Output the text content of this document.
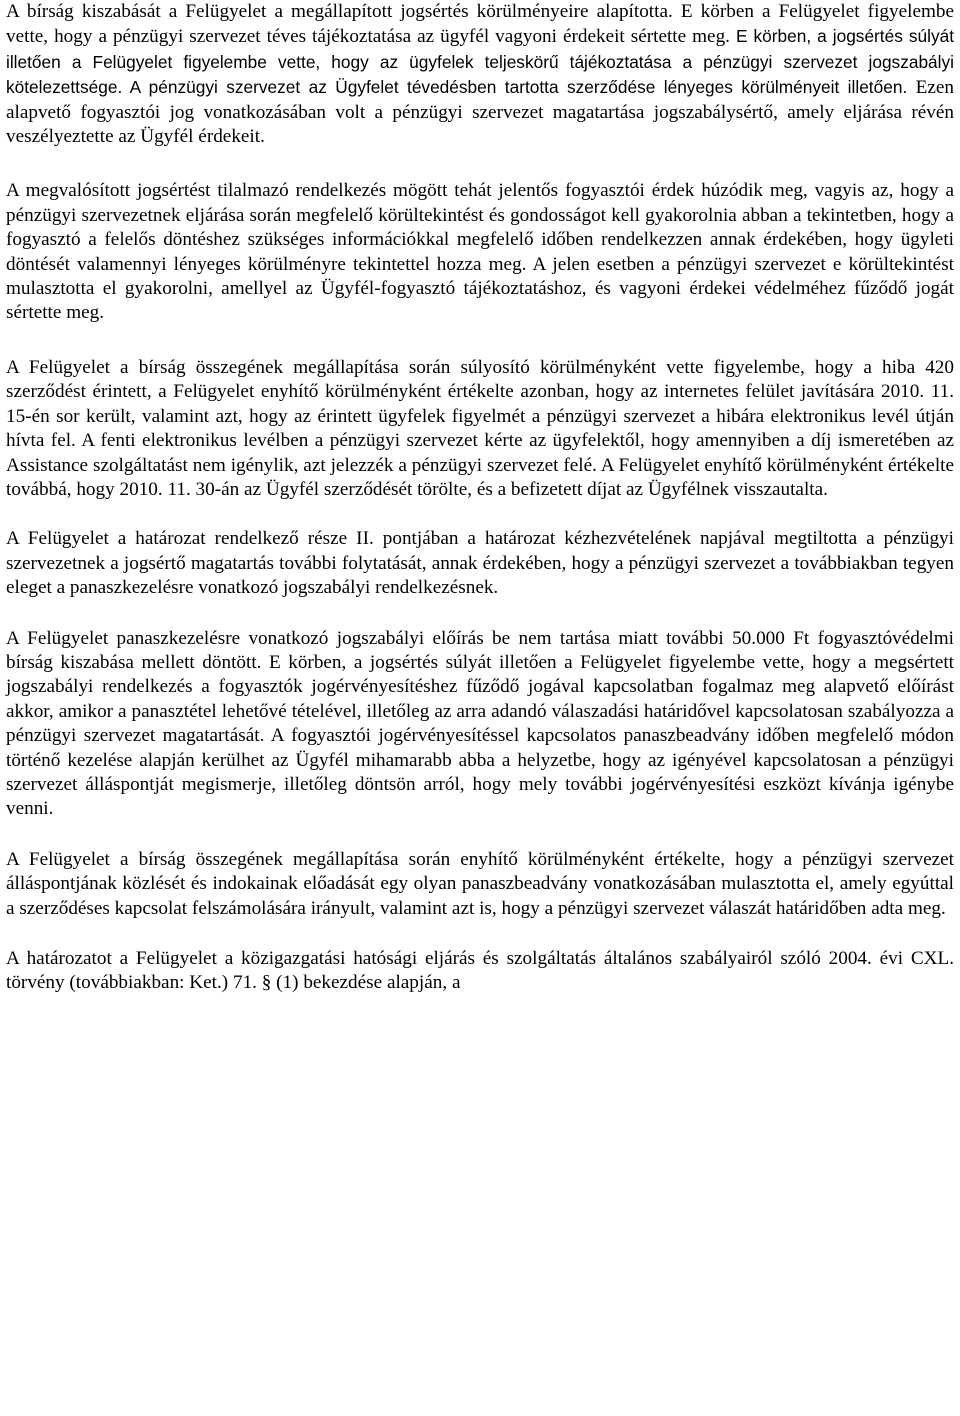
A bírság kiszabását a Felügyelet a megállapított jogsértés körülményeire alapította. E körben a Felügyelet figyelembe vette, hogy a pénzügyi szervezet téves tájékoztatása az ügyfél vagyoni érdekeit sértette meg. E körben, a jogsértés súlyát illetően a Felügyelet figyelembe vette, hogy az ügyfelek teljeskörű tájékoztatása a pénzügyi szervezet jogszabályi kötelezettsége. A pénzügyi szervezet az Ügyfelet tévedésben tartotta szerződése lényeges körülményeit illetően. Ezen alapvető fogyasztói jog vonatkozásában volt a pénzügyi szervezet magatartása jogszabálysértő, amely eljárása révén veszélyeztette az Ügyfél érdekeit.

A megvalósított jogsértést tilalmazó rendelkezés mögött tehát jelentős fogyasztói érdek húzódik meg, vagyis az, hogy a pénzügyi szervezetnek eljárása során megfelelő körültekintést és gondosságot kell gyakorolnia abban a tekintetben, hogy a fogyasztó a felelős döntéshez szükséges információkkal megfelelő időben rendelkezzen annak érdekében, hogy ügyleti döntését valamennyi lényeges körülményre tekintettel hozza meg. A jelen esetben a pénzügyi szervezet e körültekintést mulasztotta el gyakorolni, amellyel az Ügyfél-fogyasztó tájékoztatáshoz, és vagyoni érdekei védelméhez fűződő jogát sértette meg.

A Felügyelet a bírság összegének megállapítása során súlyosító körülményként vette figyelembe, hogy a hiba 420 szerződést érintett, a Felügyelet enyhítő körülményként értékelte azonban, hogy az internetes felület javítására 2010. 11. 15-én sor került, valamint azt, hogy az érintett ügyfelek figyelmét a pénzügyi szervezet a hibára elektronikus levél útján hívta fel. A fenti elektronikus levélben a pénzügyi szervezet kérte az ügyfelektől, hogy amennyiben a díj ismeretében az Assistance szolgáltatást nem igénylik, azt jelezzék a pénzügyi szervezet felé. A Felügyelet enyhítő körülményként értékelte továbbá, hogy 2010. 11. 30-án az Ügyfél szerződését törölte, és a befizetett díjat az Ügyfélnek visszautalta.

A Felügyelet a határozat rendelkező része II. pontjában a határozat kézhezvételének napjával megtiltotta a pénzügyi szervezetnek a jogsértő magatartás további folytatását, annak érdekében, hogy a pénzügyi szervezet a továbbiakban tegyen eleget a panaszkezelésre vonatkozó jogszabályi rendelkezésnek.

A Felügyelet panaszkezelésre vonatkozó jogszabályi előírás be nem tartása miatt további 50.000 Ft fogyasztóvédelmi bírság kiszabása mellett döntött. E körben, a jogsértés súlyát illetően a Felügyelet figyelembe vette, hogy a megsértett jogszabályi rendelkezés a fogyasztók jogérvényesítéshez fűződő jogával kapcsolatban fogalmaz meg alapvető előírást akkor, amikor a panasztétel lehetővé tételével, illetőleg az arra adandó válaszadási határidővel kapcsolatosan szabályozza a pénzügyi szervezet magatartását. A fogyasztói jogérvényesítéssel kapcsolatos panaszbeadvány időben megfelelő módon történő kezelése alapján kerülhet az Ügyfél mihamarabb abba a helyzetbe, hogy az igényével kapcsolatosan a pénzügyi szervezet álláspontját megismerje, illetőleg döntsön arról, hogy mely további jogérvényesítési eszközt kívánja igénybe venni.

A Felügyelet a bírság összegének megállapítása során enyhítő körülményként értékelte, hogy a pénzügyi szervezet álláspontjának közlését és indokainak előadását egy olyan panaszbeadvány vonatkozásában mulasztotta el, amely egyúttal a szerződéses kapcsolat felszámolására irányult, valamint azt is, hogy a pénzügyi szervezet válaszát határidőben adta meg.

A határozatot a Felügyelet a közigazgatási hatósági eljárás és szolgáltatás általános szabályairól szóló 2004. évi CXL. törvény (továbbiakban: Ket.) 71. § (1) bekezdése alapján, a
